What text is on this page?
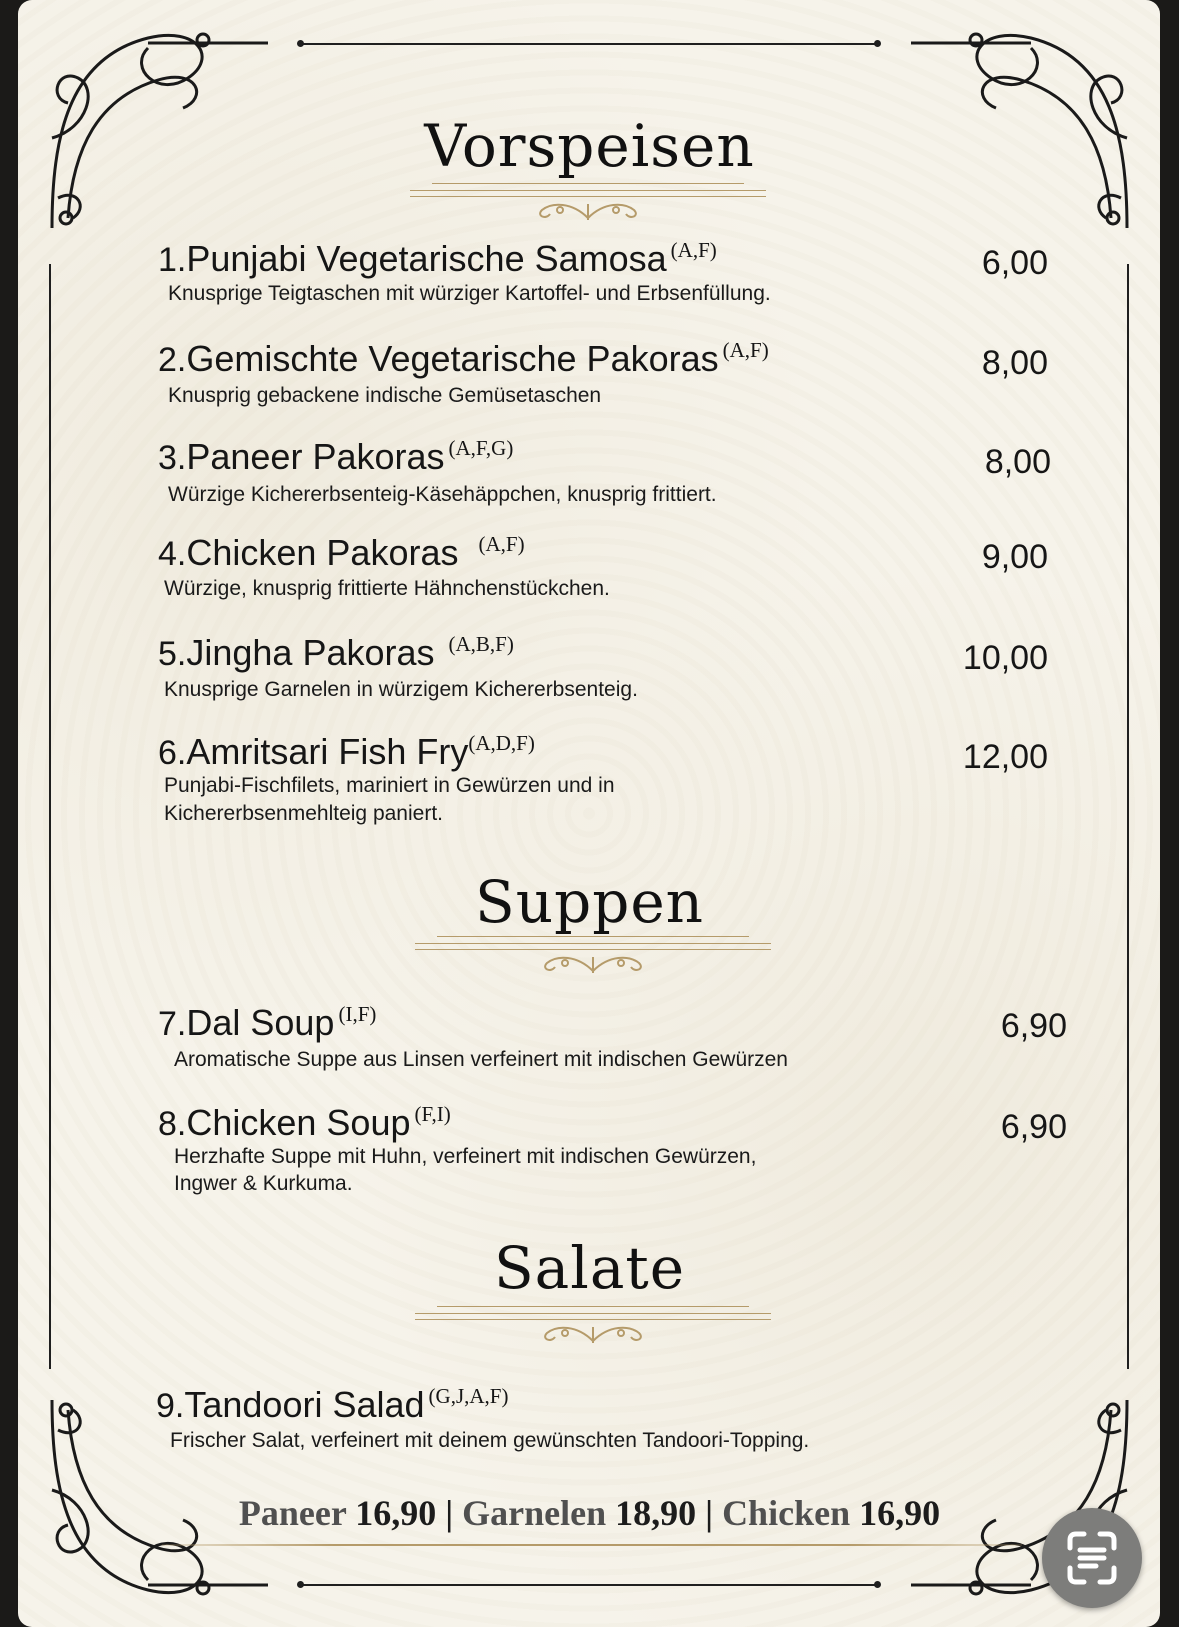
Vorspeisen
1.Punjabi Vegetarische Samosa $^{(A,F)}$	6,00
Knusprige Teigtaschen mit würziger Kartoffel- und Erbsenfüllung.
2.Gemischte Vegetarische Pakoras $^{(A,F)}$	8,00
Knusprig gebackene indische Gemüsetaschen
3.Paneer Pakoras $^{(A,F,G)}$	8,00
Würzige Kichererbsenteig-Käsehäppchen, knusprig frittiert.
4.Chicken Pakoras $^{(A,F)}$	9,00
Würzige, knusprig frittierte Hähnchenstückchen.
5.Jingha Pakoras $^{(A,B,F)}$	10,00
Knusprige Garnelen in würzigem Kichererbsenteig.
6.Amritsari Fish Fry$^{(A,D,F)}$	12,00
Punjabi-Fischfilets, mariniert in Gewürzen und in
Kichererbsenmehlteig paniert.
Suppen
7.Dal Soup $^{(I,F)}$	6,90
Aromatische Suppe aus Linsen verfeinert mit indischen Gewürzen
8.Chicken Soup $^{(F,I)}$	6,90
Herzhafte Suppe mit Huhn, verfeinert mit indischen Gewürzen,
Ingwer & Kurkuma.
Salate
9.Tandoori Salad $^{(G,J,A,F)}$
Frischer Salat, verfeinert mit deinem gewünschten Tandoori-Topping.
Paneer 16,90 | Garnelen 18,90 | Chicken 16,90
